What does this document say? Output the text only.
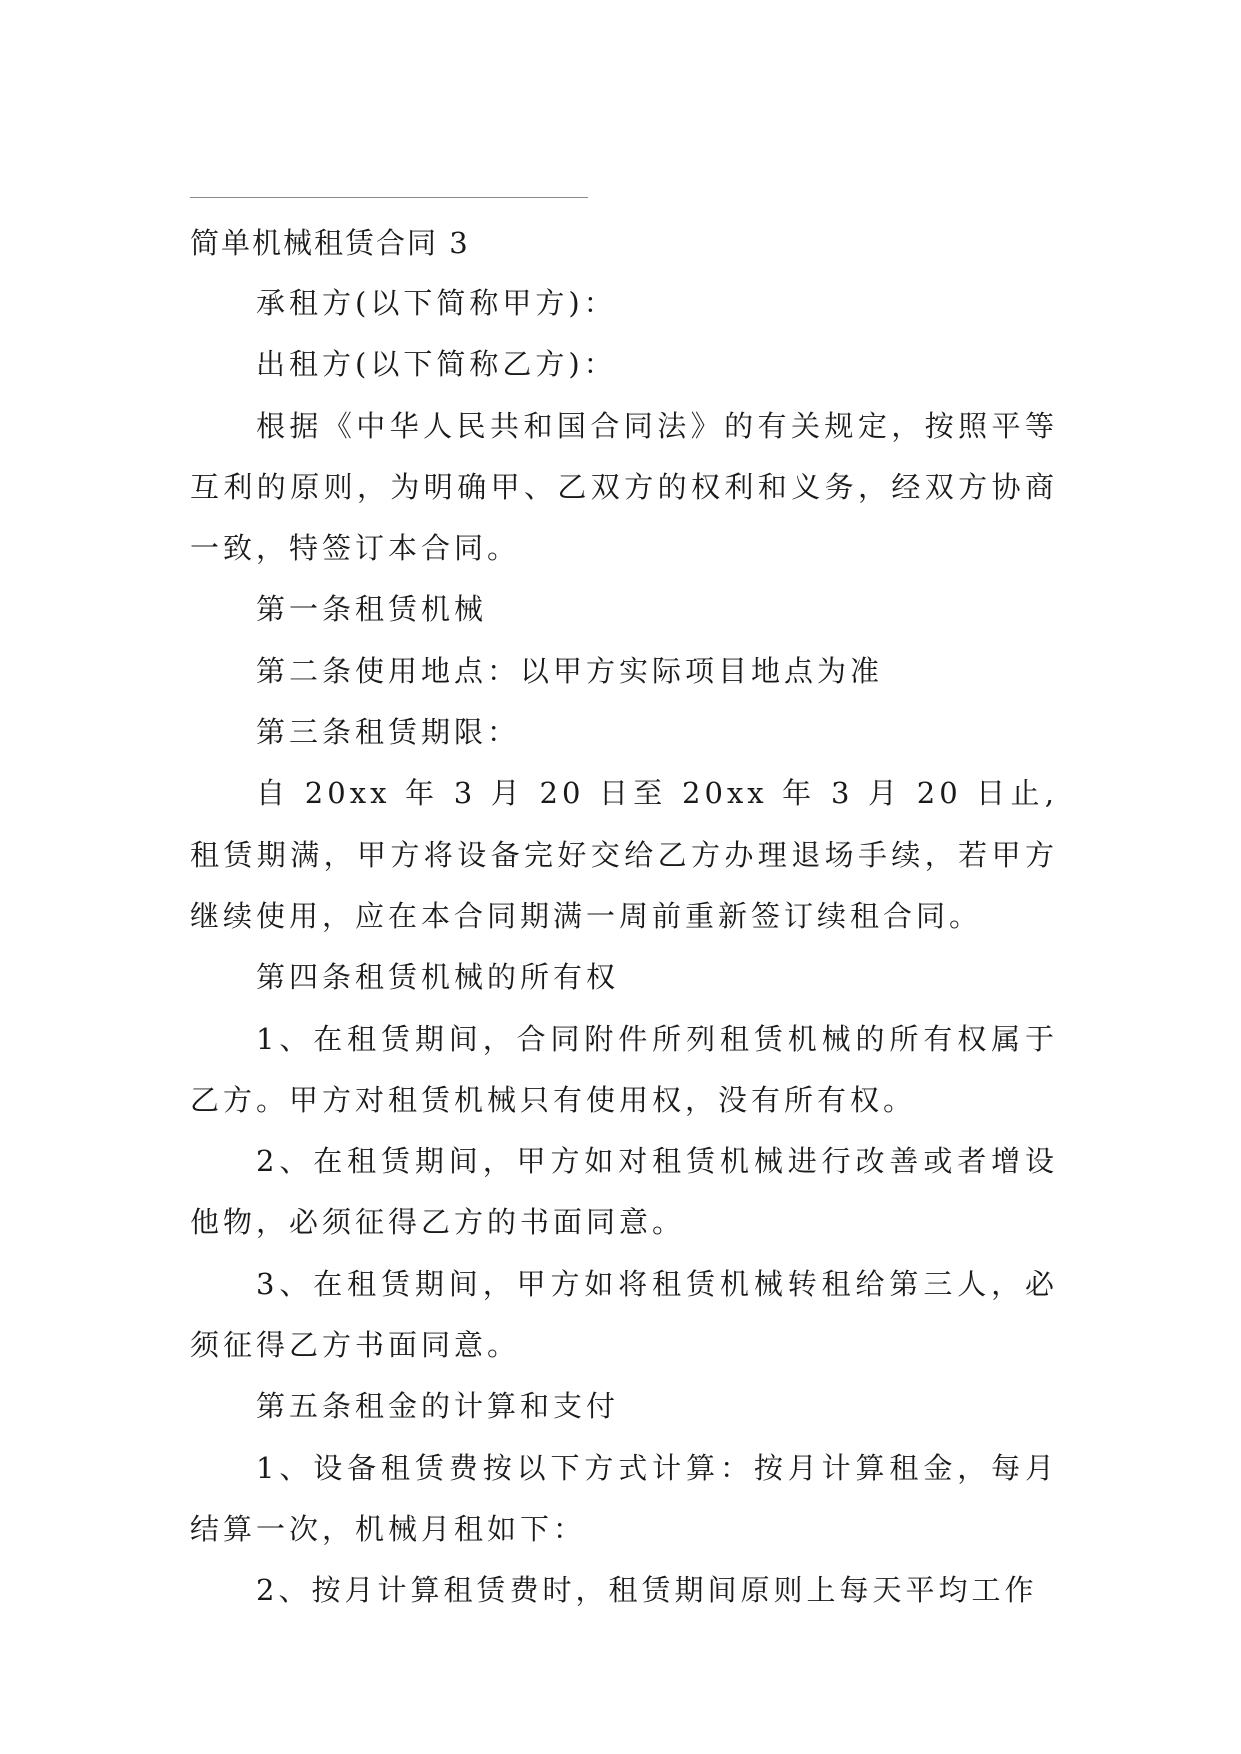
简单机械租赁合同 3

承租方(以下简称甲方)：

出租方(以下简称乙方)：

根据《中华人民共和国合同法》的有关规定，按照平等互利的原则，为明确甲、乙双方的权利和义务，经双方协商一致，特签订本合同。

第一条租赁机械

第二条使用地点：以甲方实际项目地点为准

第三条租赁期限：

自 20xx 年 3 月 20 日至 20xx 年 3 月 20 日止,租赁期满，甲方将设备完好交给乙方办理退场手续，若甲方继续使用，应在本合同期满一周前重新签订续租合同。

第四条租赁机械的所有权

1、在租赁期间，合同附件所列租赁机械的所有权属于乙方。甲方对租赁机械只有使用权，没有所有权。

2、在租赁期间，甲方如对租赁机械进行改善或者增设他物，必须征得乙方的书面同意。

3、在租赁期间，甲方如将租赁机械转租给第三人，必须征得乙方书面同意。

第五条租金的计算和支付

1、设备租赁费按以下方式计算：按月计算租金，每月结算一次，机械月租如下：

2、按月计算租赁费时，租赁期间原则上每天平均工作
